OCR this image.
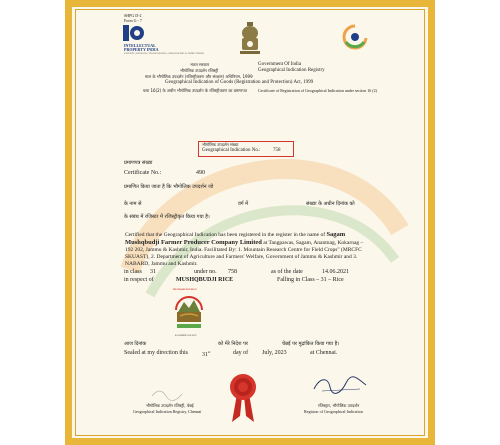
SHPG D-2
Form G - 7
INTELLECTUAL
PROPERTY INDIA
PATENTS | DESIGNS | TRADE MARKS | GEOGRAPHICAL INDICATIONS
भारत सरकार	Government Of India
भौगोलिक उपदर्शन रजिस्ट्री	Geographical Indication Registry
माल के भौगोलिक उपदर्शन (रजिस्ट्रीकरण और संरक्षण) अधिनियम, 1999
Geographical Indication of Goods (Registration and Protection) Act, 1999
धारा 16(2) के अधीन भौगोलिक उपदर्शन के रजिस्ट्रीकरण का प्रमाणपत्र	Certificate of Registration of Geographical Indication under section 16 (2)
भौगोलिक उपदर्शन संख्या
Geographical Indication No.:	758
प्रमाणपत्र संख्या
Certificate No.:	490
प्रमाणित किया जाता है कि भौगोलिक उपदर्शन जो
के नाम से	वर्ग में	संख्या के अधीन दिनांक को
के संबंध में रजिस्टर में रजिस्ट्रीकृत किया गया है।
Certified that the Geographical Indication has been registered in the register in the name of Sagam Mushqbudji Farmer Producer Company Limited at Tangpawas, Sagam, Anantnag, Kokarnag – 192 202, Jammu & Kashmir, India. Facilitated By: 1. Mountain Research Centre for Field Crops" (MRCFC SKUAST), 2. Department of Agriculture and Farmers' Welfare, Government of Jammu & Kashmir and 3. NABARD, Jammu and Kashmir.
in class 31	under no. 758	as of the date	14.06.2021
in respect of	MUSHQBUDJI RICE	Falling in Class – 31 – Rice
MUSHQBUDJI RICE
KASHMIR VALLEY
आज दिनांक	को मेरे निदेश पर	चेन्नई पर मुद्रांकित किया गया है।
Sealed at my direction this 31st	day of July, 2023	at Chennai.
भौगोलिक उपदर्शन रजिस्ट्री, चेन्नई
Geographical Indication Registry, Chennai
रजिस्ट्रार, भौगोलिक उपदर्शन
Registrar of Geographical Indication
